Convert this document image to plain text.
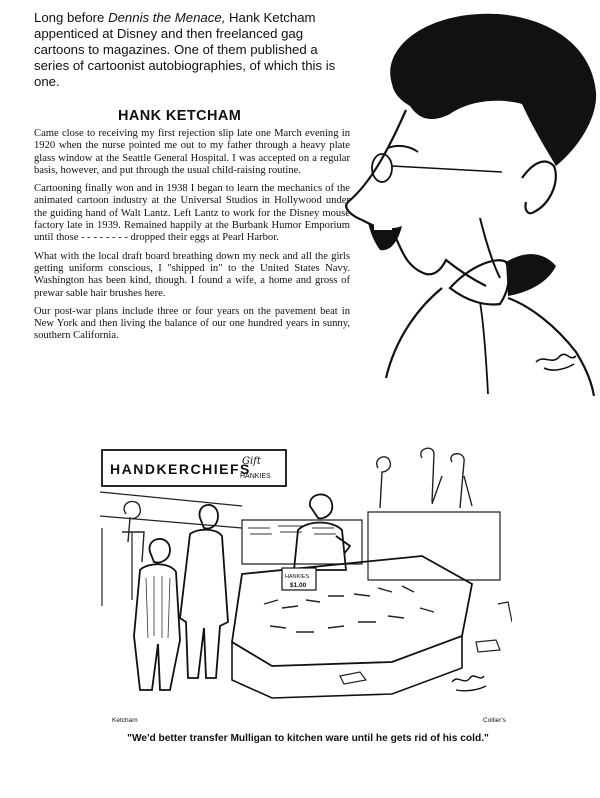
Long before Dennis the Menace, Hank Ketcham appenticed at Disney and then freelanced gag cartoons to magazines. One of them published a series of cartoonist autobiographies, of which this is one.

HANK KETCHAM

Came close to receiving my first rejection slip late one March evening in 1920 when the nurse pointed me out to my father through a heavy plate glass window at the Seattle General Hospital. I was accepted on a regular basis, however, and put through the usual child-raising routine.

Cartooning finally won and in 1938 I began to learn the mechanics of the animated cartoon industry at the Universal Studios in Hollywood under the guiding hand of Walt Lantz. Left Lantz to work for the Disney mouse factory late in 1939. Remained happily at the Burbank Humor Emporium until those - - - - - - - - dropped their eggs at Pearl Harbor.

What with the local draft board breathing down my neck and all the girls getting uniform conscious, I "shipped in" to the United States Navy. Washington has been kind, though. I found a wife, a home and gross of prewar sable hair brushes here.

Our post-war plans include three or four years on the pavement beat in New York and then living the balance of our one hundred years in sunny, southern California.

HANDKERCHIEFS
Gift
HANKIES
HANKIES
$1.00
Ketcham	Collier's

"We'd better transfer Mulligan to kitchen ware until he gets rid of his cold."
